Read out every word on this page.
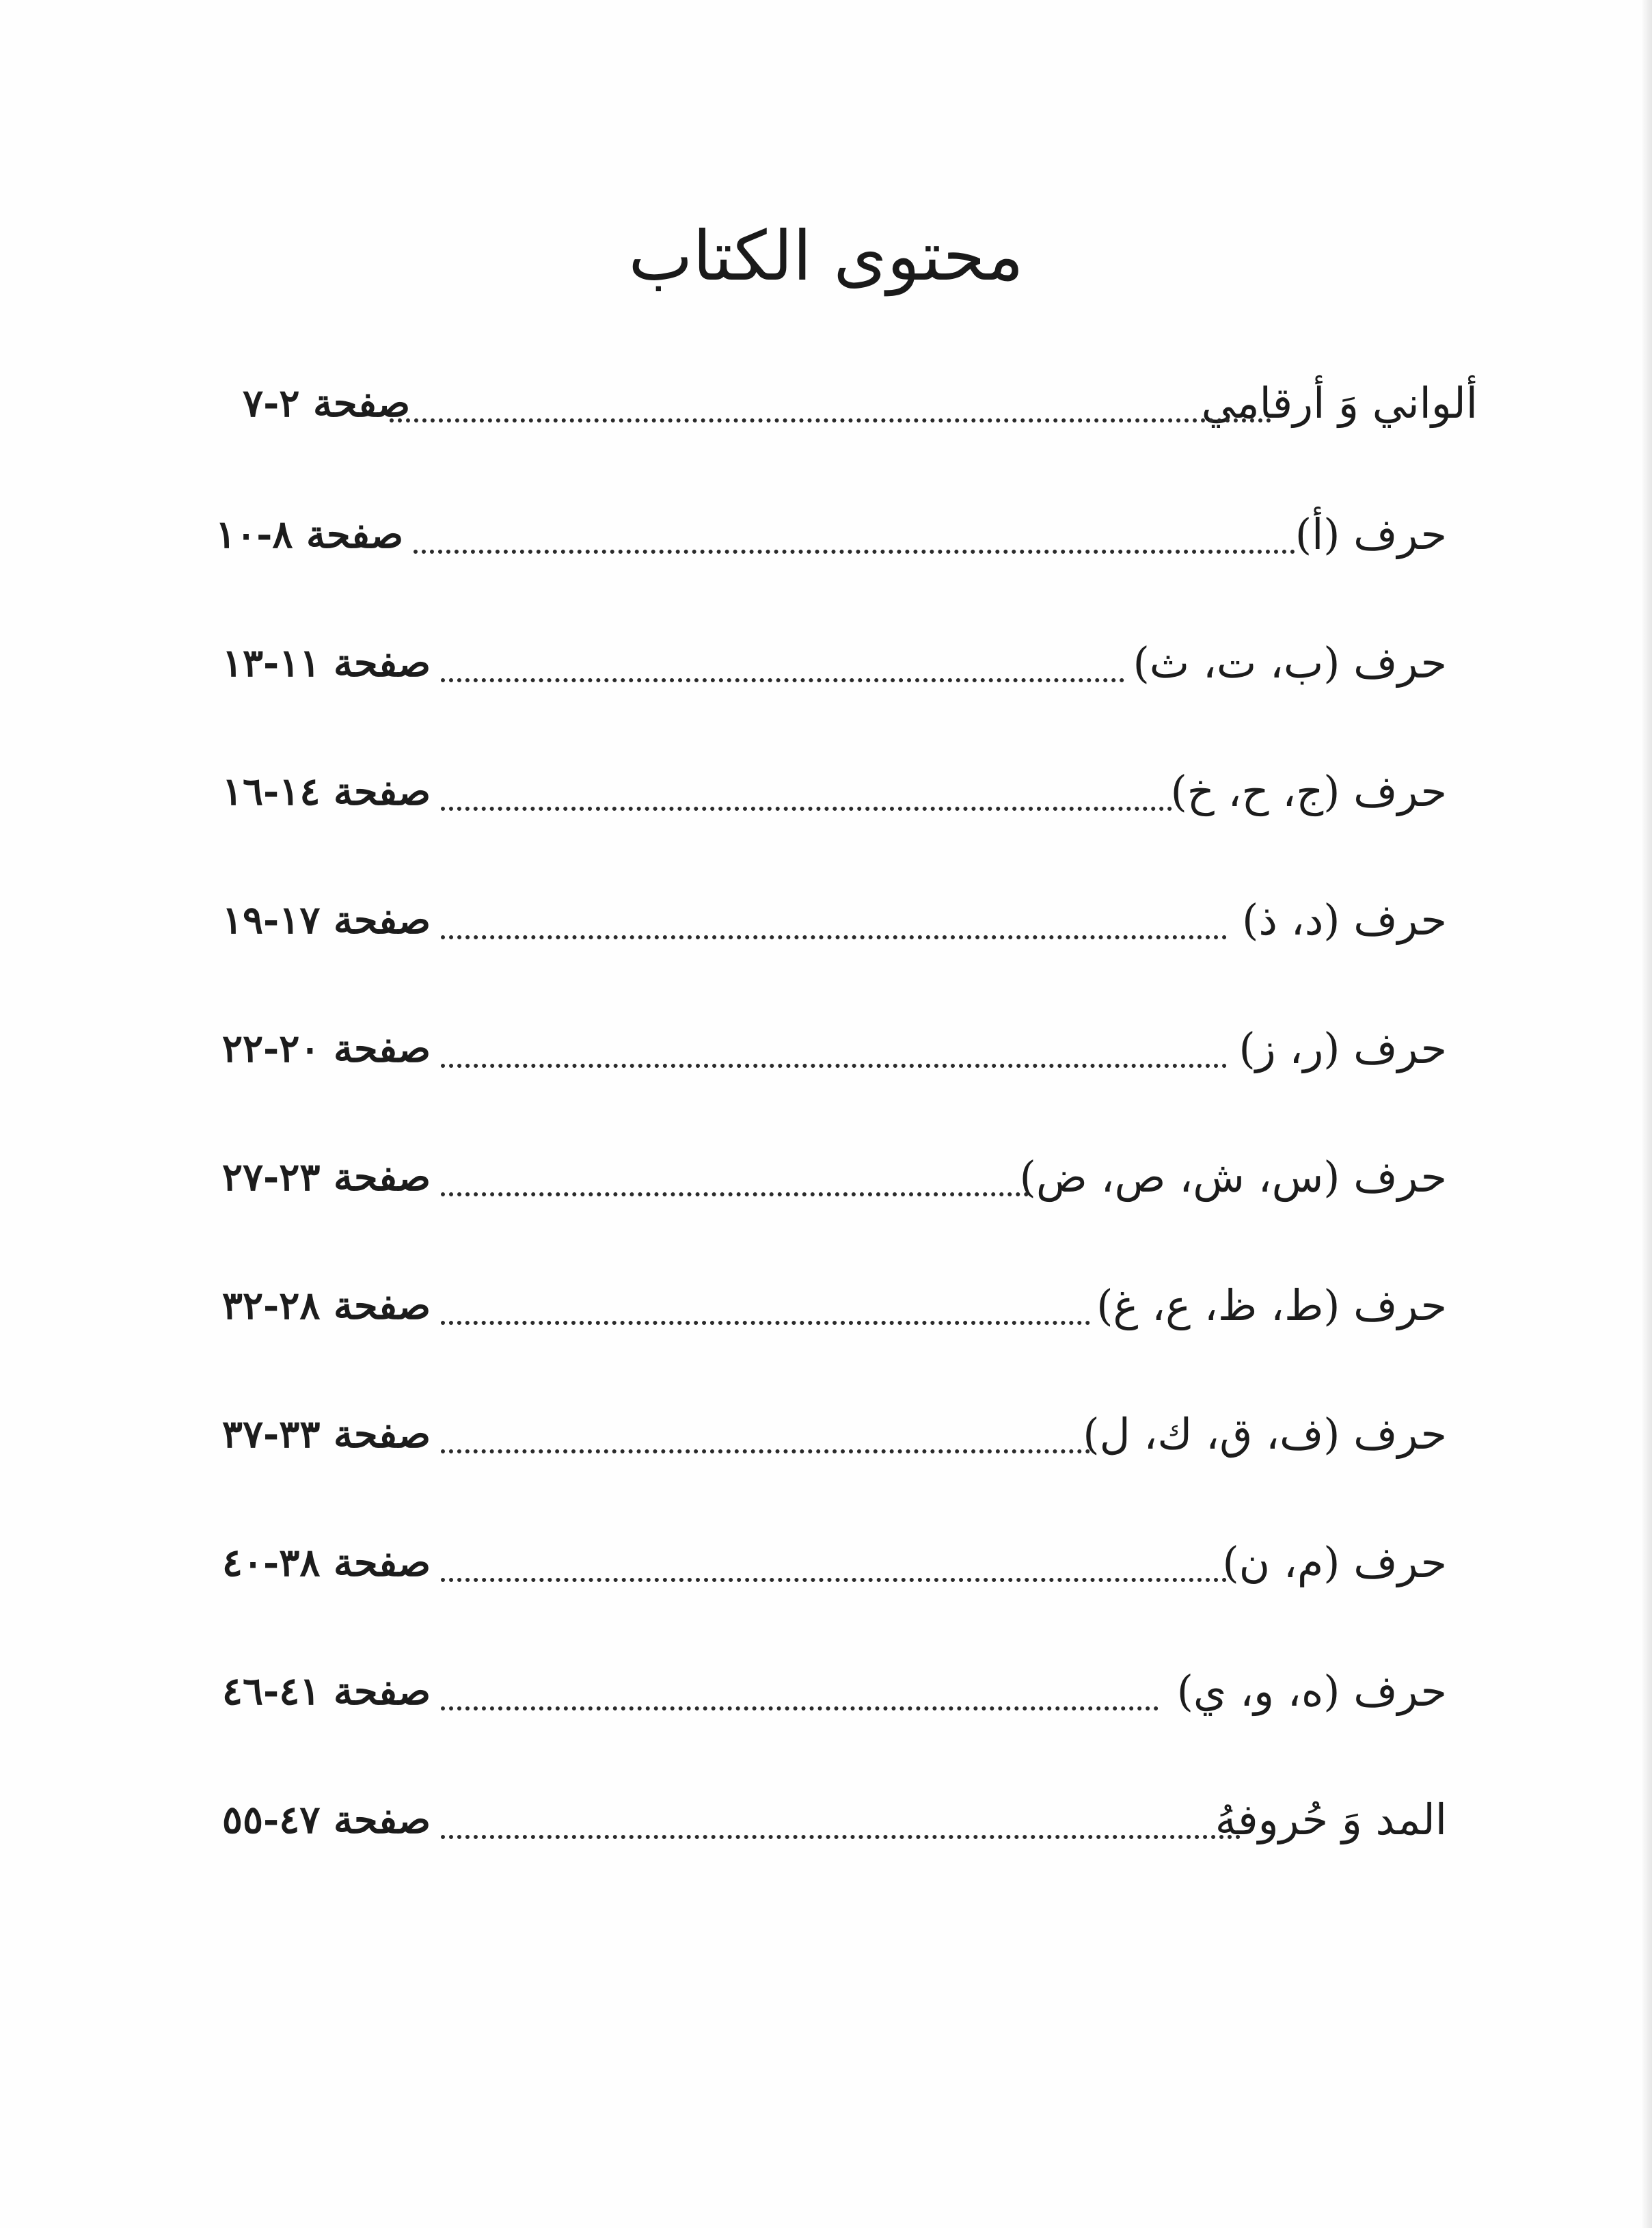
محتوى الكتاب
ألواني وَ أرقامي
صفحة ٢-٧
حرف (أ)
صفحة ٨-١٠
حرف (ب، ت، ث)
صفحة ١١-١٣
حرف (ج، ح، خ)
صفحة ١٤-١٦
حرف (د، ذ)
صفحة ١٧-١٩
حرف (ر، ز)
صفحة ٢٠-٢٢
حرف (س، ش، ص، ض)
صفحة ٢٣-٢٧
حرف (ط، ظ، ع، غ)
صفحة ٢٨-٣٢
حرف (ف، ق، ك، ل)
صفحة ٣٣-٣٧
حرف (م، ن)
صفحة ٣٨-٤٠
حرف (ه، و، ي)
صفحة ٤١-٤٦
المد وَ حُروفهُ
صفحة ٤٧-٥٥
